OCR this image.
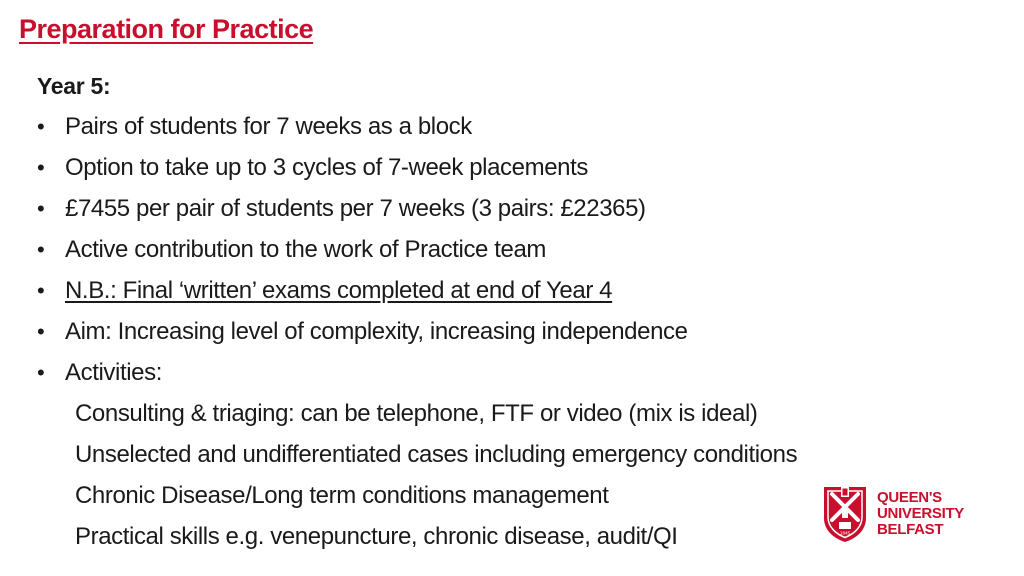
Preparation for Practice
Year 5:
• Pairs of students for 7 weeks as a block
• Option to take up to 3 cycles of 7-week placements
• £7455 per pair of students per 7 weeks (3 pairs: £22365)
• Active contribution to the work of Practice team
• N.B.: Final ‘written’ exams completed at end of Year 4
• Aim: Increasing level of complexity, increasing independence
• Activities:
Consulting & triaging: can be telephone, FTF or video (mix is ideal)
Unselected and undifferentiated cases including emergency conditions
Chronic Disease/Long term conditions management
Practical skills e.g. venepuncture, chronic disease, audit/QI	1845
QUEEN'S
UNIVERSITY
BELFAST
